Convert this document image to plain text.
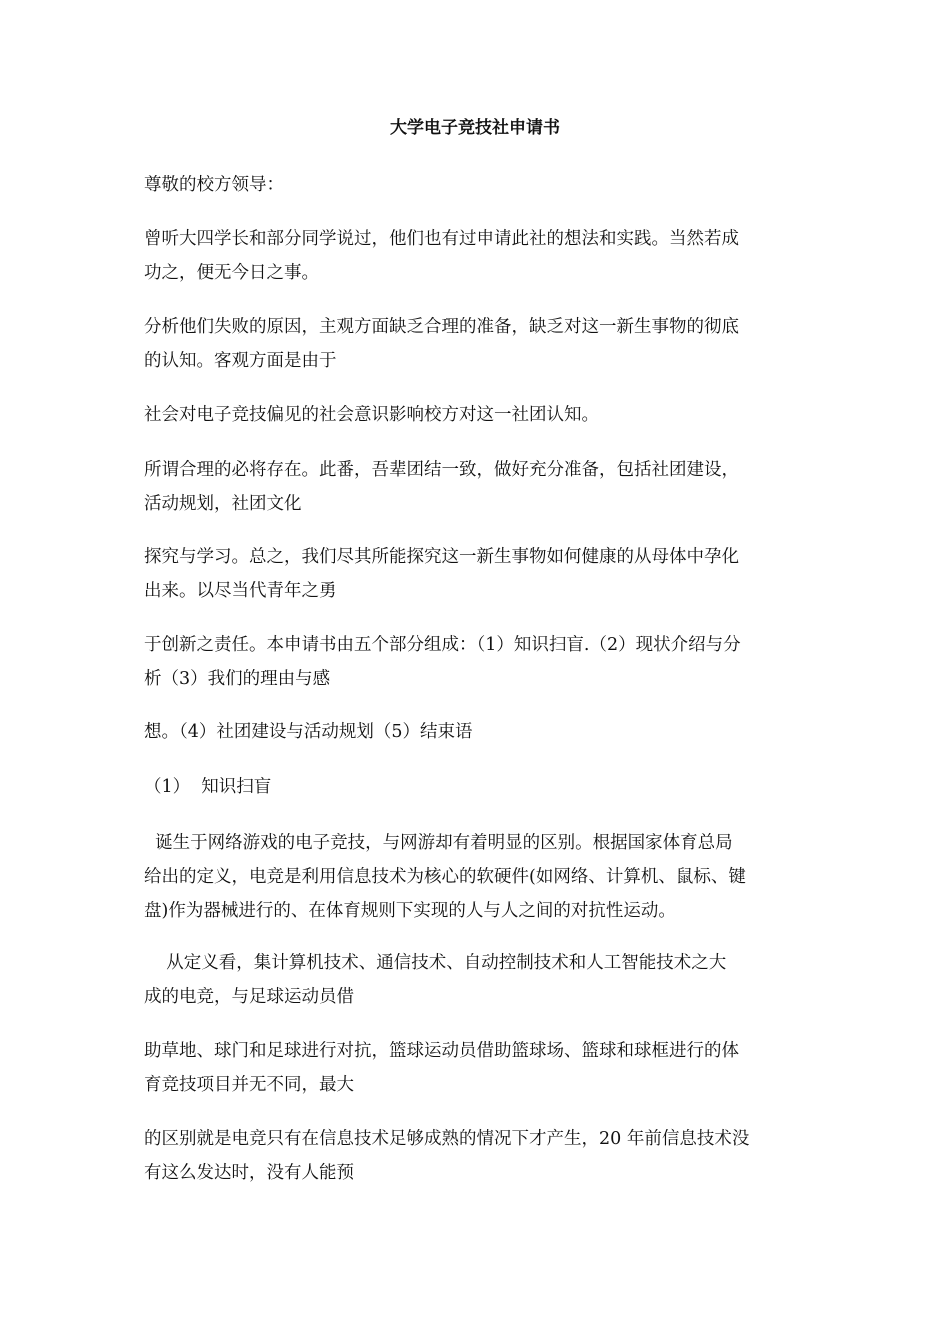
大学电子竞技社申请书

尊敬的校方领导：

曾听大四学长和部分同学说过，他们也有过申请此社的想法和实践。当然若成
功之，便无今日之事。

分析他们失败的原因，主观方面缺乏合理的准备，缺乏对这一新生事物的彻底
的认知。客观方面是由于

社会对电子竞技偏见的社会意识影响校方对这一社团认知。

所谓合理的必将存在。此番，吾辈团结一致，做好充分准备，包括社团建设，
活动规划，社团文化

探究与学习。总之，我们尽其所能探究这一新生事物如何健康的从母体中孕化
出来。以尽当代青年之勇

于创新之责任。本申请书由五个部分组成：（1）知识扫盲.（2）现状介绍与分
析（3）我们的理由与感

想。（4）社团建设与活动规划（5）结束语

（1）  知识扫盲

诞生于网络游戏的电子竞技，与网游却有着明显的区别。根据国家体育总局
给出的定义，电竞是利用信息技术为核心的软硬件(如网络、计算机、鼠标、键
盘)作为器械进行的、在体育规则下实现的人与人之间的对抗性运动。

从定义看，集计算机技术、通信技术、自动控制技术和人工智能技术之大
成的电竞，与足球运动员借

助草地、球门和足球进行对抗，篮球运动员借助篮球场、篮球和球框进行的体
育竞技项目并无不同，最大

的区别就是电竞只有在信息技术足够成熟的情况下才产生，20 年前信息技术没
有这么发达时，没有人能预
